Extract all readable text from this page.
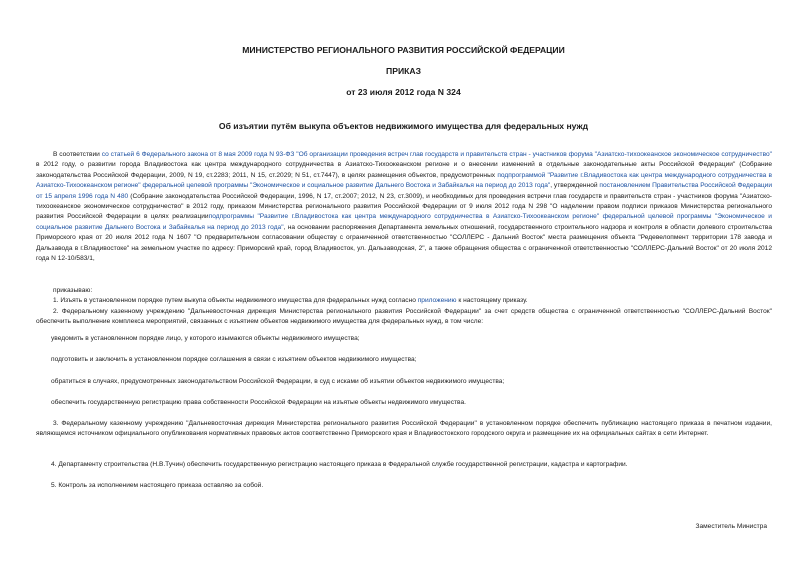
МИНИСТЕРСТВО РЕГИОНАЛЬНОГО РАЗВИТИЯ РОССИЙСКОЙ ФЕДЕРАЦИИ
ПРИКАЗ
от 23 июля 2012 года N 324
Об изъятии путём выкупа объектов недвижимого имущества для федеральных нужд

В соответствии со статьей 6 Федерального закона от 8 мая 2009 года N 93-ФЗ "Об организации проведения встреч глав государств и правительств стран - участников форума "Азиатско-тихоокеанское экономическое сотрудничество" в 2012 году, о развитии города Владивостока как центра международного сотрудничества в Азиатско-Тихоокеанском регионе и о внесении изменений в отдельные законодательные акты Российской Федерации" (Собрание законодательства Российской Федерации, 2009, N 19, ст.2283; 2011, N 15, ст.2029; N 51, ст.7447), в целях размещения объектов, предусмотренных подпрограммой "Развитие г.Владивостока как центра международного сотрудничества в Азиатско-Тихоокеанском регионе" федеральной целевой программы "Экономическое и социальное развитие Дальнего Востока и Забайкалья на период до 2013 года", утвержденной постановлением Правительства Российской Федерации от 15 апреля 1996 года N 480 (Собрание законодательства Российской Федерации, 1996, N 17, ст.2007; 2012, N 23, ст.3009), и необходимых для проведения встречи глав государств и правительств стран - участников форума "Азиатско-тихоокеанское экономическое сотрудничество" в 2012 году, приказом Министерства регионального развития Российской Федерации от 9 июля 2012 года N 298 "О наделении правом подписи приказов Министерства регионального развития Российской Федерации в целях реализацииподпрограммы "Развитие г.Владивостока как центра международного сотрудничества в Азиатско-Тихоокеанском регионе" федеральной целевой программы "Экономическое и социальное развитие Дальнего Востока и Забайкалья на период до 2013 года", на основании распоряжения Департамента земельных отношений, государственного строительного надзора и контроля в области долевого строительства Приморского края от 20 июля 2012 года N 1607 "О предварительном согласовании обществу с ограниченной ответственностью "СОЛЛЕРС - Дальний Восток" места размещения объекта "Редевелопмент территории 178 завода и Дальзавода в г.Владивостоке" на земельном участке по адресу: Приморский край, город Владивосток, ул. Дальзаводская, 2", а также обращения общества с ограниченной ответственностью "СОЛЛЕРС-Дальний Восток" от 20 июля 2012 года N 12-10/583/1,

приказываю:

1. Изъять в установленном порядке путем выкупа объекты недвижимого имущества для федеральных нужд согласно приложению к настоящему приказу.

2. Федеральному казенному учреждению "Дальневосточная дирекция Министерства регионального развития Российской Федерации" за счет средств общества с ограниченной ответственностью "СОЛЛЕРС-Дальний Восток" обеспечить выполнение комплекса мероприятий, связанных с изъятием объектов недвижимого имущества для федеральных нужд, в том числе:

уведомить в установленном порядке лицо, у которого изымаются объекты недвижимого имущества;
подготовить и заключить в установленном порядке соглашения в связи с изъятием объектов недвижимого имущества;
обратиться в случаях, предусмотренных законодательством Российской Федерации, в суд с исками об изъятии объектов недвижимого имущества;
обеспечить государственную регистрацию права собственности Российской Федерации на изъятые объекты недвижимого имущества.

3. Федеральному казенному учреждению "Дальневосточная дирекция Министерства регионального развития Российской Федерации" в установленном порядке обеспечить публикацию настоящего приказа в печатном издании, являющемся источником официального опубликования нормативных правовых актов соответственно Приморского края и Владивостокского городского округа и размещение их на официальных сайтах в сети Интернет.

4. Департаменту строительства (Н.В.Тучин) обеспечить государственную регистрацию настоящего приказа в Федеральной службе государственной регистрации, кадастра и картографии.
5. Контроль за исполнением настоящего приказа оставляю за собой.
Заместитель Министра
